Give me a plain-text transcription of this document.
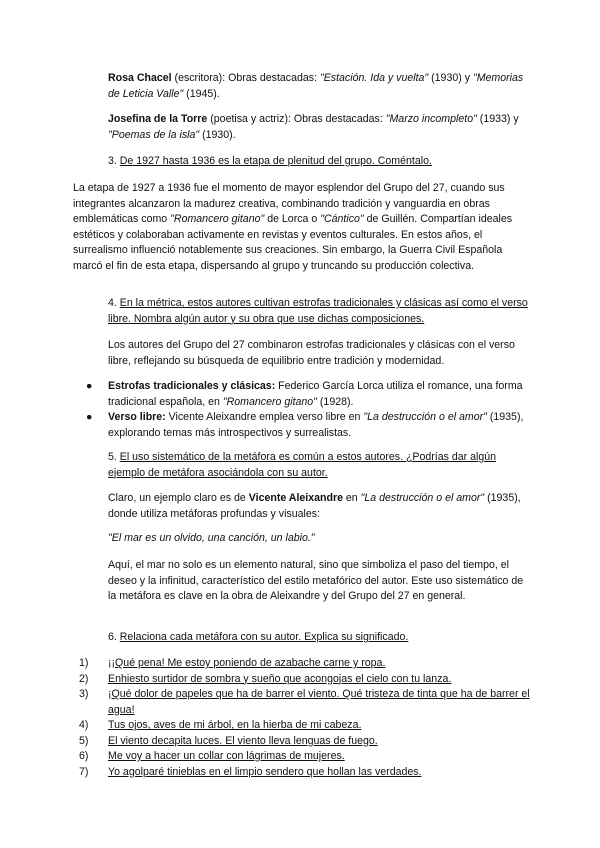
Rosa Chacel (escritora): Obras destacadas: "Estación. Ida y vuelta" (1930) y "Memorias de Leticia Valle" (1945).

Josefina de la Torre (poetisa y actriz): Obras destacadas: "Marzo incompleto" (1933) y "Poemas de la isla" (1930).

3. De 1927 hasta 1936 es la etapa de plenitud del grupo. Coméntalo.

La etapa de 1927 a 1936 fue el momento de mayor esplendor del Grupo del 27, cuando sus integrantes alcanzaron la madurez creativa, combinando tradición y vanguardia en obras emblemáticas como "Romancero gitano" de Lorca o "Cántico" de Guillén. Compartían ideales estéticos y colaboraban activamente en revistas y eventos culturales. En estos años, el surrealismo influenció notablemente sus creaciones. Sin embargo, la Guerra Civil Española marcó el fin de esta etapa, dispersando al grupo y truncando su producción colectiva.

4. En la métrica, estos autores cultivan estrofas tradicionales y clásicas así como el verso libre. Nombra algún autor y su obra que use dichas composiciones.

Los autores del Grupo del 27 combinaron estrofas tradicionales y clásicas con el verso libre, reflejando su búsqueda de equilibrio entre tradición y modernidad.

● Estrofas tradicionales y clásicas: Federico García Lorca utiliza el romance, una forma tradicional española, en "Romancero gitano" (1928).
● Verso libre: Vicente Aleixandre emplea verso libre en "La destrucción o el amor" (1935), explorando temas más introspectivos y surrealistas.

5. El uso sistemático de la metáfora es común a estos autores. ¿Podrías dar algún ejemplo de metáfora asociándola con su autor.

Claro, un ejemplo claro es de Vicente Aleixandre en "La destrucción o el amor" (1935), donde utiliza metáforas profundas y visuales:

"El mar es un olvido, una canción, un labio."

Aquí, el mar no solo es un elemento natural, sino que simboliza el paso del tiempo, el deseo y la infinitud, característico del estilo metafórico del autor. Este uso sistemático de la metáfora es clave en la obra de Aleixandre y del Grupo del 27 en general.

6. Relaciona cada metáfora con su autor. Explica su significado.

1) ¡¡Qué pena! Me estoy poniendo de azabache carne y ropa.
2) Enhiesto surtidor de sombra y sueño que acongojas el cielo con tu lanza.
3) ¡Qué dolor de papeles que ha de barrer el viento. Qué tristeza de tinta que ha de barrer el agua!
4) Tus ojos, aves de mi árbol, en la hierba de mi cabeza.
5) El viento decapita luces. El viento lleva lenguas de fuego.
6) Me voy a hacer un collar con lágrimas de mujeres.
7) Yo agolparé tinieblas en el limpio sendero que hollan las verdades.
